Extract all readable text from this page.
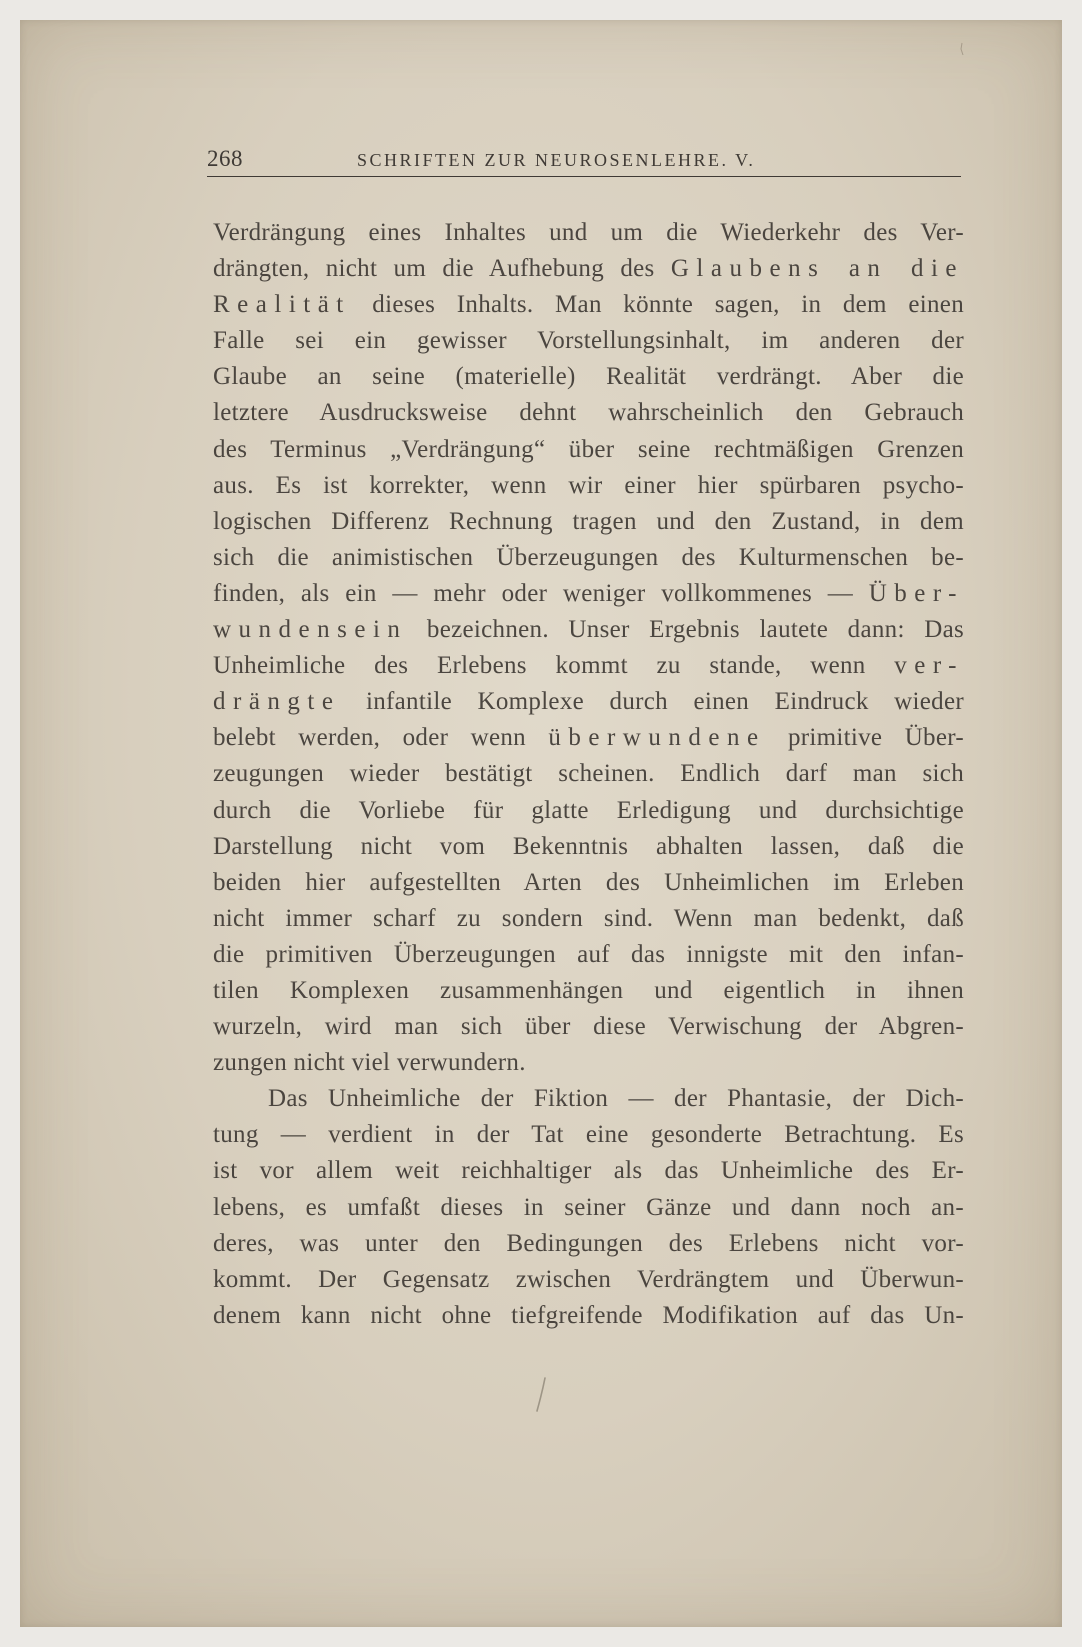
268	SCHRIFTEN ZUR NEUROSENLEHRE. V.
Verdrängung eines Inhaltes und um die Wiederkehr des Ver-
drängten, nicht um die Aufhebung des Glaubens an die
Realität dieses Inhalts. Man könnte sagen, in dem einen
Falle sei ein gewisser Vorstellungsinhalt, im anderen der
Glaube an seine (materielle) Realität verdrängt. Aber die
letztere Ausdrucksweise dehnt wahrscheinlich den Gebrauch
des Terminus „Verdrängung“ über seine rechtmäßigen Grenzen
aus. Es ist korrekter, wenn wir einer hier spürbaren psycho-
logischen Differenz Rechnung tragen und den Zustand, in dem
sich die animistischen Überzeugungen des Kulturmenschen be-
finden, als ein — mehr oder weniger vollkommenes — Über-
wundensein bezeichnen. Unser Ergebnis lautete dann: Das
Unheimliche des Erlebens kommt zu stande, wenn ver-
drängte infantile Komplexe durch einen Eindruck wieder
belebt werden, oder wenn überwundene primitive Über-
zeugungen wieder bestätigt scheinen. Endlich darf man sich
durch die Vorliebe für glatte Erledigung und durchsichtige
Darstellung nicht vom Bekenntnis abhalten lassen, daß die
beiden hier aufgestellten Arten des Unheimlichen im Erleben
nicht immer scharf zu sondern sind. Wenn man bedenkt, daß
die primitiven Überzeugungen auf das innigste mit den infan-
tilen Komplexen zusammenhängen und eigentlich in ihnen
wurzeln, wird man sich über diese Verwischung der Abgren-
zungen nicht viel verwundern.
Das Unheimliche der Fiktion — der Phantasie, der Dich-
tung — verdient in der Tat eine gesonderte Betrachtung. Es
ist vor allem weit reichhaltiger als das Unheimliche des Er-
lebens, es umfaßt dieses in seiner Gänze und dann noch an-
deres, was unter den Bedingungen des Erlebens nicht vor-
kommt. Der Gegensatz zwischen Verdrängtem und Überwun-
denem kann nicht ohne tiefgreifende Modifikation auf das Un-
